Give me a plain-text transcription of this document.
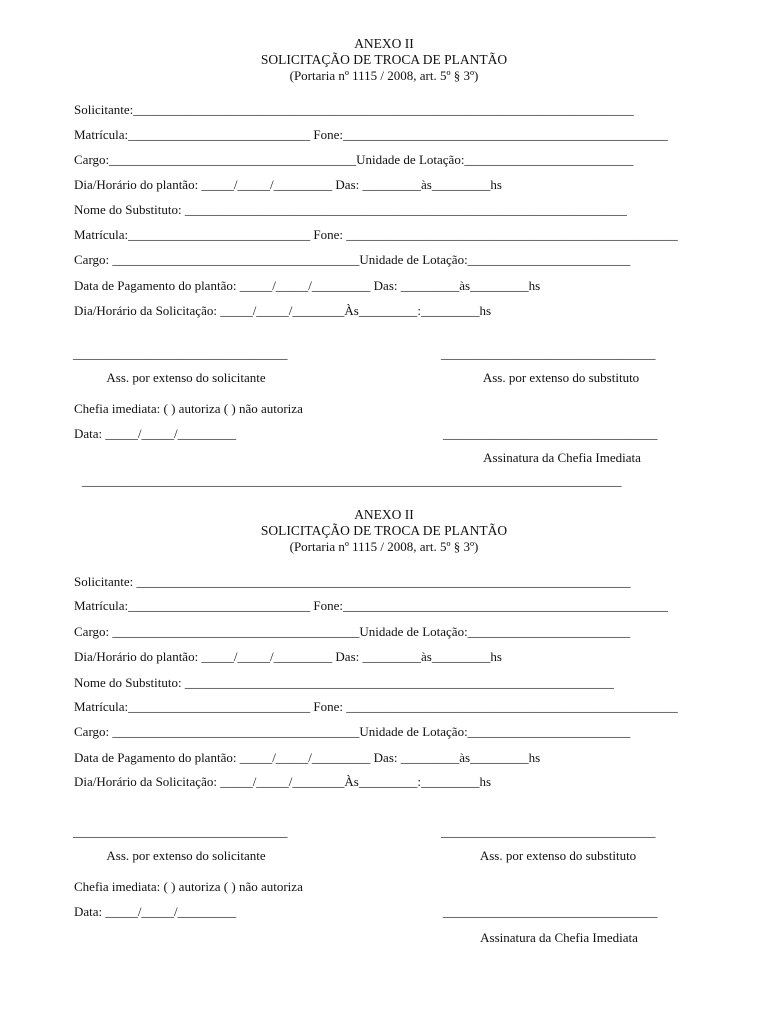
ANEXO II
SOLICITAÇÃO DE TROCA DE PLANTÃO
(Portaria nº 1115 / 2008, art. 5º § 3º)
Solicitante:_____________________________________________________________________________
Matrícula:____________________________ Fone:__________________________________________________
Cargo:______________________________________Unidade de Lotação:__________________________
Dia/Horário do plantão: _____/_____/_________ Das: _________às_________hs
Nome do Substituto: ____________________________________________________________________
Matrícula:____________________________ Fone: ___________________________________________________
Cargo: ______________________________________Unidade de Lotação:_________________________
Data de Pagamento do plantão: _____/_____/_________ Das: _________às_________hs
Dia/Horário da Solicitação: _____/_____/________Às_________:_________hs
_________________________________	_________________________________
Ass. por extenso do solicitante	Ass. por extenso do substituto
Chefia imediata: ( ) autoriza ( ) não autoriza
Data: _____/_____/_________	_________________________________
Assinatura da Chefia Imediata
___________________________________________________________________________________
ANEXO II
SOLICITAÇÃO DE TROCA DE PLANTÃO
(Portaria nº 1115 / 2008, art. 5º § 3º)
Solicitante: ____________________________________________________________________________
Matrícula:____________________________ Fone:__________________________________________________
Cargo: ______________________________________Unidade de Lotação:_________________________
Dia/Horário do plantão: _____/_____/_________ Das: _________às_________hs
Nome do Substituto: __________________________________________________________________
Matrícula:____________________________ Fone: ___________________________________________________
Cargo: ______________________________________Unidade de Lotação:_________________________
Data de Pagamento do plantão: _____/_____/_________ Das: _________às_________hs
Dia/Horário da Solicitação: _____/_____/________Às_________:_________hs
_________________________________	_________________________________
Ass. por extenso do solicitante	Ass. por extenso do substituto
Chefia imediata: ( ) autoriza ( ) não autoriza
Data: _____/_____/_________	_________________________________
Assinatura da Chefia Imediata
